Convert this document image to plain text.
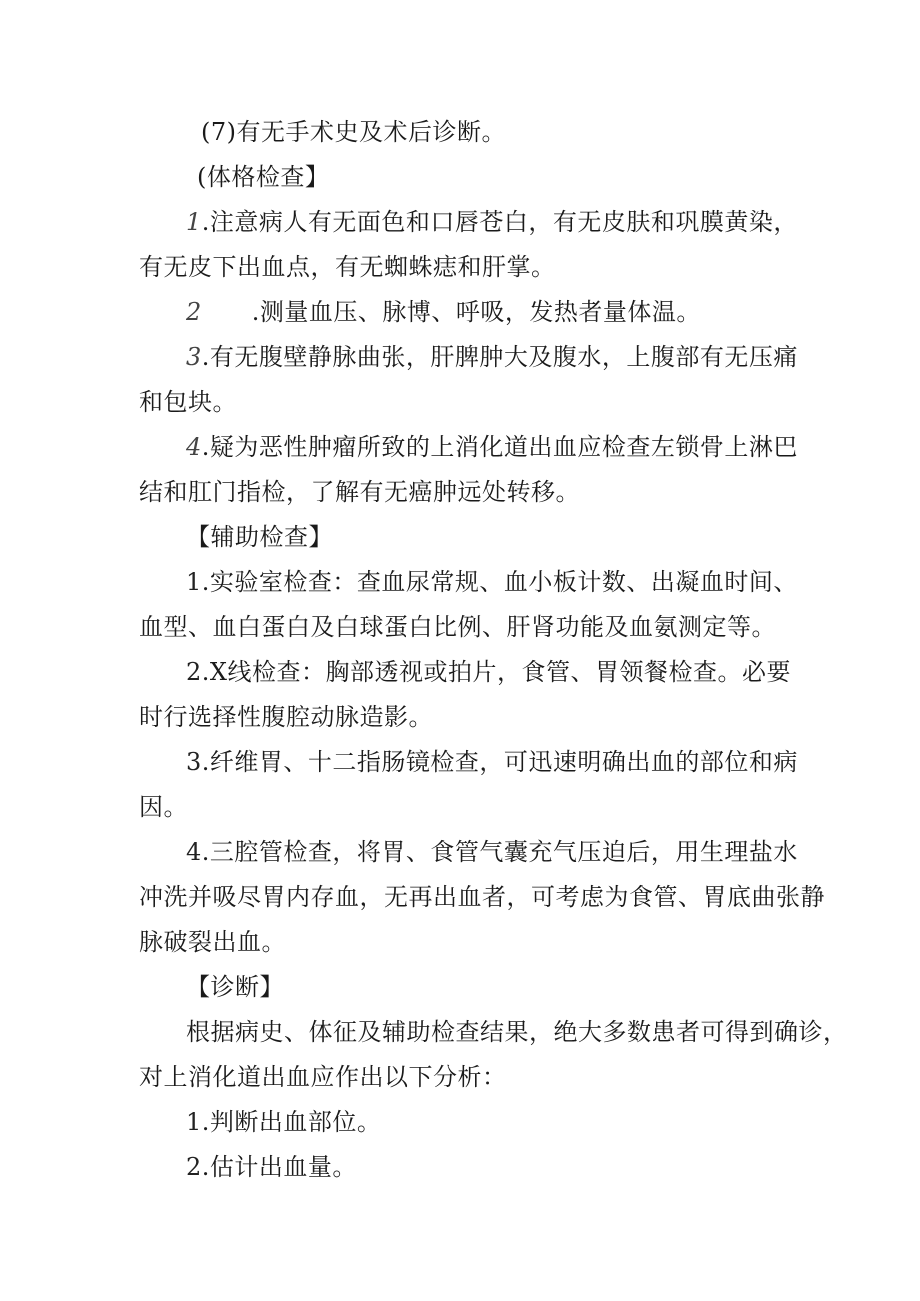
(7)有无手术史及术后诊断。
(体格检查】
1.注意病人有无面色和口唇苍白，有无皮肤和巩膜黄染，
有无皮下出血点，有无蜘蛛痣和肝掌。
2 .测量血压、脉博、呼吸，发热者量体温。
3.有无腹壁静脉曲张，肝脾肿大及腹水，上腹部有无压痛
和包块。
4.疑为恶性肿瘤所致的上消化道出血应检查左锁骨上淋巴
结和肛门指检，了解有无癌肿远处转移。
【辅助检查】
1.实验室检查：查血尿常规、血小板计数、出凝血时间、
血型、血白蛋白及白球蛋白比例、肝肾功能及血氨测定等。
2.X线检查：胸部透视或拍片，食管、胃领餐检查。必要
时行选择性腹腔动脉造影。
3.纤维胃、十二指肠镜检查，可迅速明确出血的部位和病
因。
4.三腔管检查，将胃、食管气囊充气压迫后，用生理盐水
冲洗并吸尽胃内存血，无再出血者，可考虑为食管、胃底曲张静
脉破裂出血。
【诊断】
根据病史、体征及辅助检查结果，绝大多数患者可得到确诊，
对上消化道出血应作出以下分析：
1.判断出血部位。
2.估计出血量。
